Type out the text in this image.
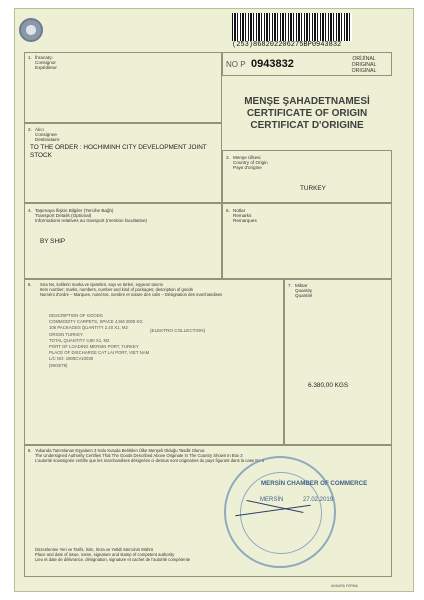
(253)868202206275BP0943832
1. İhracatçı
Consignor
Expéditeur	NO P 0943832	ORİJİNAL
ORIGINAL
ORIGINAL
MENŞE ŞAHADETNAMESİ
CERTIFICATE OF ORIGIN
CERTIFICAT D'ORIGINE
2. Alıcı
Consignee
Destinataire
TO THE ORDER : HOCHIMINH CITY DEVELOPMENT JOINT STOCK	3. Menşe Ülkesi
Country of Origin
Pays d'origine
TURKEY
4. Taşımaya İlişkin Bilgiler (Tercihe Bağlı)
Transport Details (Optional)
Informations relatives au transport (mention facultative)
BY SHIP
5. Notlar
Remarks
Remarques
6. Sıra No, kolilerin marka ve işaretleri, sayı ve türleri, eşyanın tanımı
Item number; marks, numbers, number and kind of packages; description of goods
Numéro d'ordre – Marques, numéros, nombre et nature des colis – Désignation des marchandises
DESCRIPTION OF GOODS
COMMODITY CARPETS, SPACE 4,5M 2000 KG
106 PACKAGES QUANTITY 2,40 X1, M2
ORIGIN TURKEY
TOTAL QUANTITY 3,80 X1, M2
PORT OF LOADING MERSIN PORT, TURKEY
PLACE OF DISCHARGE CAT LAI PORT, VIET NAM
L/C NO: 1900CV10030
(9003/79)
(ELEKTRO COLLECTION)
7. Miktar
Quantity
Quantité
6.380,00 KGS
8. Yukarıda Tanımlanan Eşyaların 3 Nolu Kutuda Belirtilen Ülke Menşeli Olduğu Tasdik Olunur.
The Undersigned Authority Certifies That The Goods Described Above Originate In The Country Shown In Box 3
L'autorité soussignée certifie que les marchandises désignées ci-dessus sont originaires du pays figurant dans la case No 3
MERSİN CHAMBER OF COMMERCE
MERSİN	27.02.2019
Düzenlenme Yeri ve Tarihi, İsim, İmza ve Yetkili Merciinin Mührü
Place and date of issue, name, signature and stamp of competent authority
Lieu et date de délivrance, désignation, signature et cachet de l'autorité compétente
ANKARA FORMA
